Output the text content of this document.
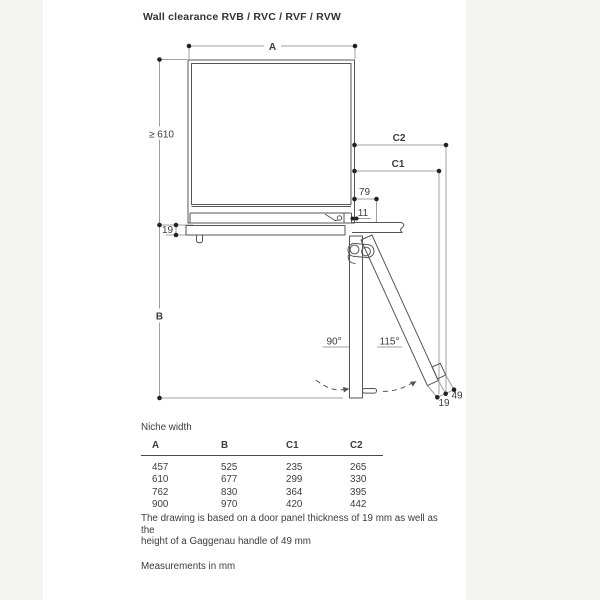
Wall clearance RVB / RVC / RVF / RVW
A
≥ 610
B
C2
C1
79
11
19
90°	115°
19
49
Niche width
A	B	C1	C2
457	525	235	265
610	677	299	330
762	830	364	395
900	970	420	442
The drawing is based on a door panel thickness of 19 mm as well as the
height of a Gaggenau handle of 49 mm
Measurements in mm
